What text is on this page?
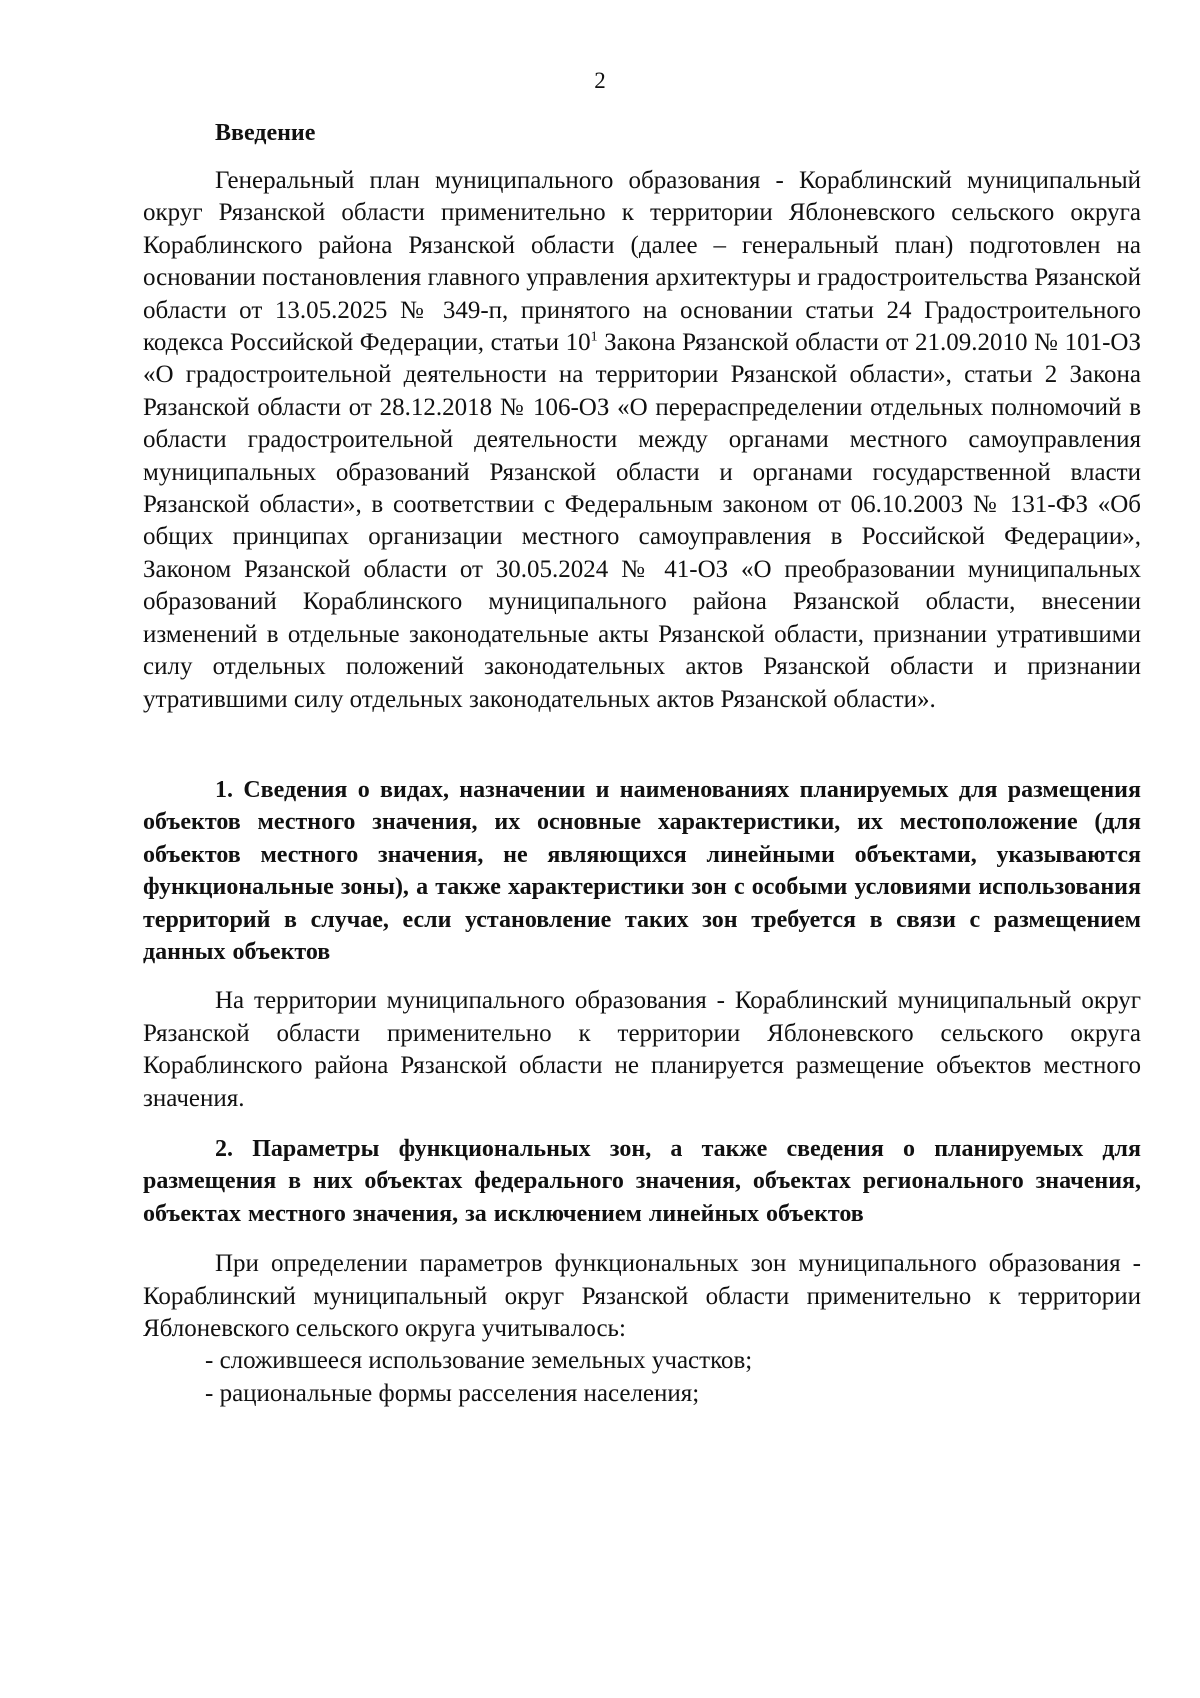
2
Введение

Генеральный план муниципального образования - Кораблинский муниципальный округ Рязанской области применительно к территории Яблоневского сельского округа Кораблинского района Рязанской области (далее – генеральный план) подготовлен на основании постановления главного управления архитектуры и градостроительства Рязанской области от 13.05.2025 № 349-п, принятого на основании статьи 24 Градостроительного кодекса Российской Федерации, статьи $10^1$ Закона Рязанской области от 21.09.2010 № 101-ОЗ «О градостроительной деятельности на территории Рязанской области», статьи 2 Закона Рязанской области от 28.12.2018 № 106-ОЗ «О перераспределении отдельных полномочий в области градостроительной деятельности между органами местного самоуправления муниципальных образований Рязанской области и органами государственной власти Рязанской области», в соответствии с Федеральным законом от 06.10.2003 № 131-ФЗ «Об общих принципах организации местного самоуправления в Российской Федерации», Законом Рязанской области от 30.05.2024 № 41-ОЗ «О преобразовании муниципальных образований Кораблинского муниципального района Рязанской области, внесении изменений в отдельные законодательные акты Рязанской области, признании утратившими силу отдельных положений законодательных актов Рязанской области и признании утратившими силу отдельных законодательных актов Рязанской области».

1. Сведения о видах, назначении и наименованиях планируемых для размещения объектов местного значения, их основные характеристики, их местоположение (для объектов местного значения, не являющихся линейными объектами, указываются функциональные зоны), а также характеристики зон с особыми условиями использования территорий в случае, если установление таких зон требуется в связи с размещением данных объектов

На территории муниципального образования - Кораблинский муниципальный округ Рязанской области применительно к территории Яблоневского сельского округа Кораблинского района Рязанской области не планируется размещение объектов местного значения.

2. Параметры функциональных зон, а также сведения о планируемых для размещения в них объектах федерального значения, объектах регионального значения, объектах местного значения, за исключением линейных объектов

При определении параметров функциональных зон муниципального образования - Кораблинский муниципальный округ Рязанской области применительно к территории Яблоневского сельского округа учитывалось:

- сложившееся использование земельных участков;
- рациональные формы расселения населения;
